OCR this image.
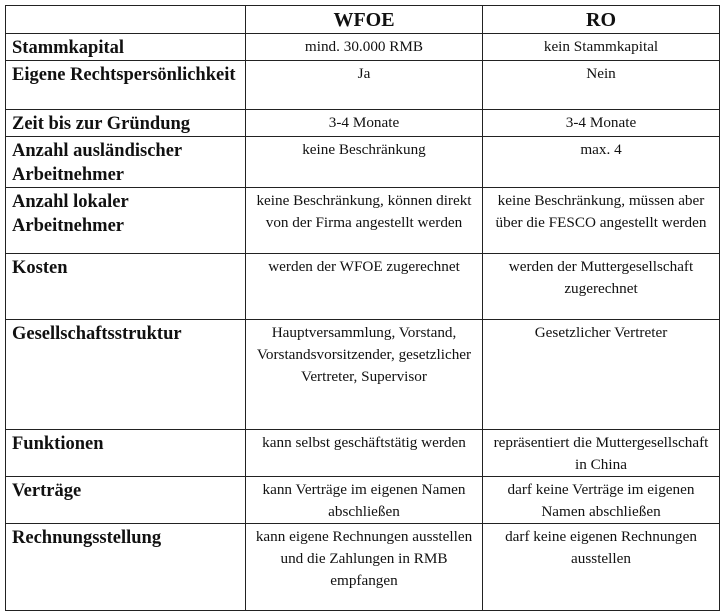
	WFOE	RO
Stammkapital	mind. 30.000 RMB	kein Stammkapital
Eigene Rechtspersönlichkeit	Ja	Nein
Zeit bis zur Gründung	3-4 Monate	3-4 Monate
Anzahl ausländischer Arbeitnehmer	keine Beschränkung	max. 4
Anzahl lokaler Arbeitnehmer	keine Beschränkung, können direkt von der Firma angestellt werden	keine Beschränkung, müssen aber über die FESCO angestellt werden
Kosten	werden der WFOE zugerechnet	werden der Muttergesellschaft zugerechnet
Gesellschaftsstruktur	Hauptversammlung, Vorstand, Vorstandsvorsitzender, gesetzlicher Vertreter, Supervisor	Gesetzlicher Vertreter
Funktionen	kann selbst geschäftstätig werden	repräsentiert die Muttergesellschaft in China
Verträge	kann Verträge im eigenen Namen abschließen	darf keine Verträge im eigenen Namen abschließen
Rechnungsstellung	kann eigene Rechnungen ausstellen und die Zahlungen in RMB empfangen	darf keine eigenen Rechnungen ausstellen
